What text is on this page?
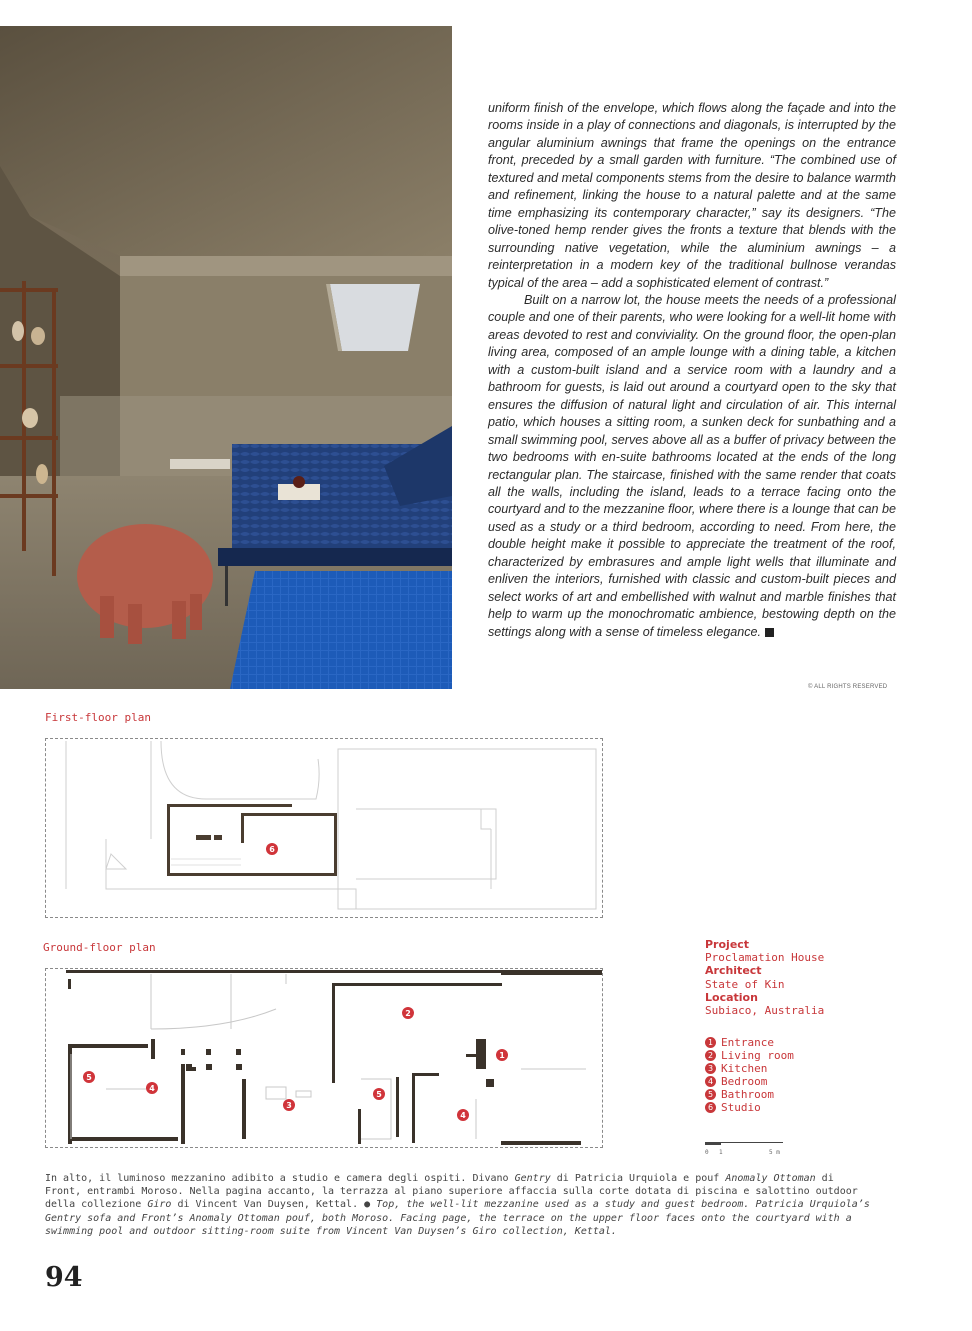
uniform finish of the envelope, which flows along the façade and into the rooms inside in a play of connections and diagonals, is interrupted by the angular aluminium awnings that frame the openings on the entrance front, preceded by a small garden with furniture. “The combined use of textured and metal components stems from the desire to balance warmth and refinement, linking the house to a natural palette and at the same time emphasizing its contemporary character,” say its designers. “The olive-toned hemp render gives the fronts a texture that blends with the surrounding native vegetation, while the aluminium awnings – a reinterpretation in a modern key of the traditional bullnose verandas typical of the area – add a sophisticated element of contrast.”

Built on a narrow lot, the house meets the needs of a professional couple and one of their parents, who were looking for a well-lit home with areas devoted to rest and conviviality. On the ground floor, the open-plan living area, composed of an ample lounge with a dining table, a kitchen with a custom-built island and a service room with a laundry and a bathroom for guests, is laid out around a courtyard open to the sky that ensures the diffusion of natural light and circulation of air. This internal patio, which houses a sitting room, a sunken deck for sunbathing and a small swimming pool, serves above all as a buffer of privacy between the two bedrooms with en-suite bathrooms located at the ends of the long rectangular plan. The staircase, finished with the same render that coats all the walls, including the island, leads to a terrace facing onto the courtyard and to the mezzanine floor, where there is a lounge that can be used as a study or a third bedroom, according to need. From here, the double height make it possible to appreciate the treatment of the roof, characterized by embrasures and ample light wells that illuminate and enliven the interiors, furnished with classic and custom-built pieces and select works of art and embellished with walnut and marble finishes that help to warm up the monochromatic ambience, bestowing depth on the settings along with a sense of timeless elegance.

© ALL RIGHTS RESERVED
First-floor plan
6
Ground-floor plan
2
1
5
4
3
5
4
Project
Proclamation House
Architect
State of Kin
Location
Subiaco, Australia
1 Entrance
2 Living room
3 Kitchen
4 Bedroom
5 Bathroom
6 Studio
0 1	5 m
In alto, il luminoso mezzanino adibito a studio e camera degli ospiti. Divano Gentry di Patricia Urquiola e pouf Anomaly Ottoman di Front, entrambi Moroso. Nella pagina accanto, la terrazza al piano superiore affaccia sulla corte dotata di piscina e salottino outdoor della collezione Giro di Vincent Van Duysen, Kettal. ● Top, the well-lit mezzanine used as a study and guest bedroom. Patricia Urquiola’s Gentry sofa and Front’s Anomaly Ottoman pouf, both Moroso. Facing page, the terrace on the upper floor faces onto the courtyard with a swimming pool and outdoor sitting-room suite from Vincent Van Duysen’s Giro collection, Kettal.
94
